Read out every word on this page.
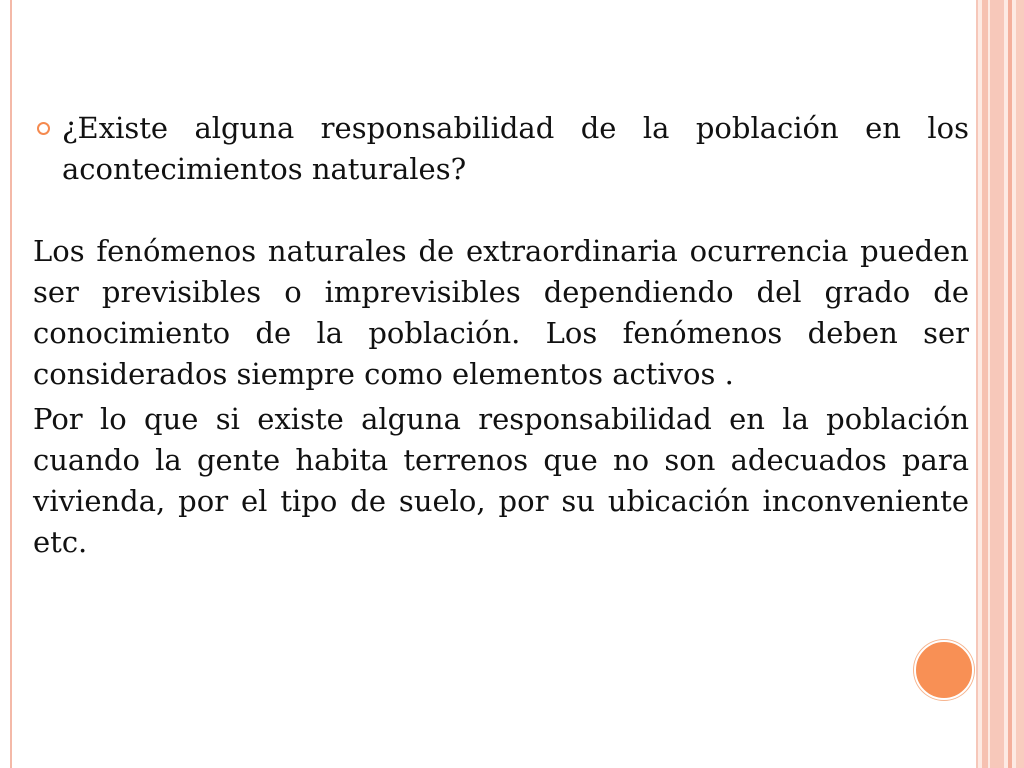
¿Existe alguna responsabilidad de la población en los acontecimientos naturales?

Los fenómenos naturales de extraordinaria ocurrencia pueden ser previsibles o imprevisibles dependiendo del grado de conocimiento de la población. Los fenómenos deben ser considerados siempre como elementos activos .

Por lo que si existe alguna responsabilidad en la población cuando la gente habita terrenos que no son adecuados para vivienda, por el tipo de suelo, por su ubicación inconveniente etc.
